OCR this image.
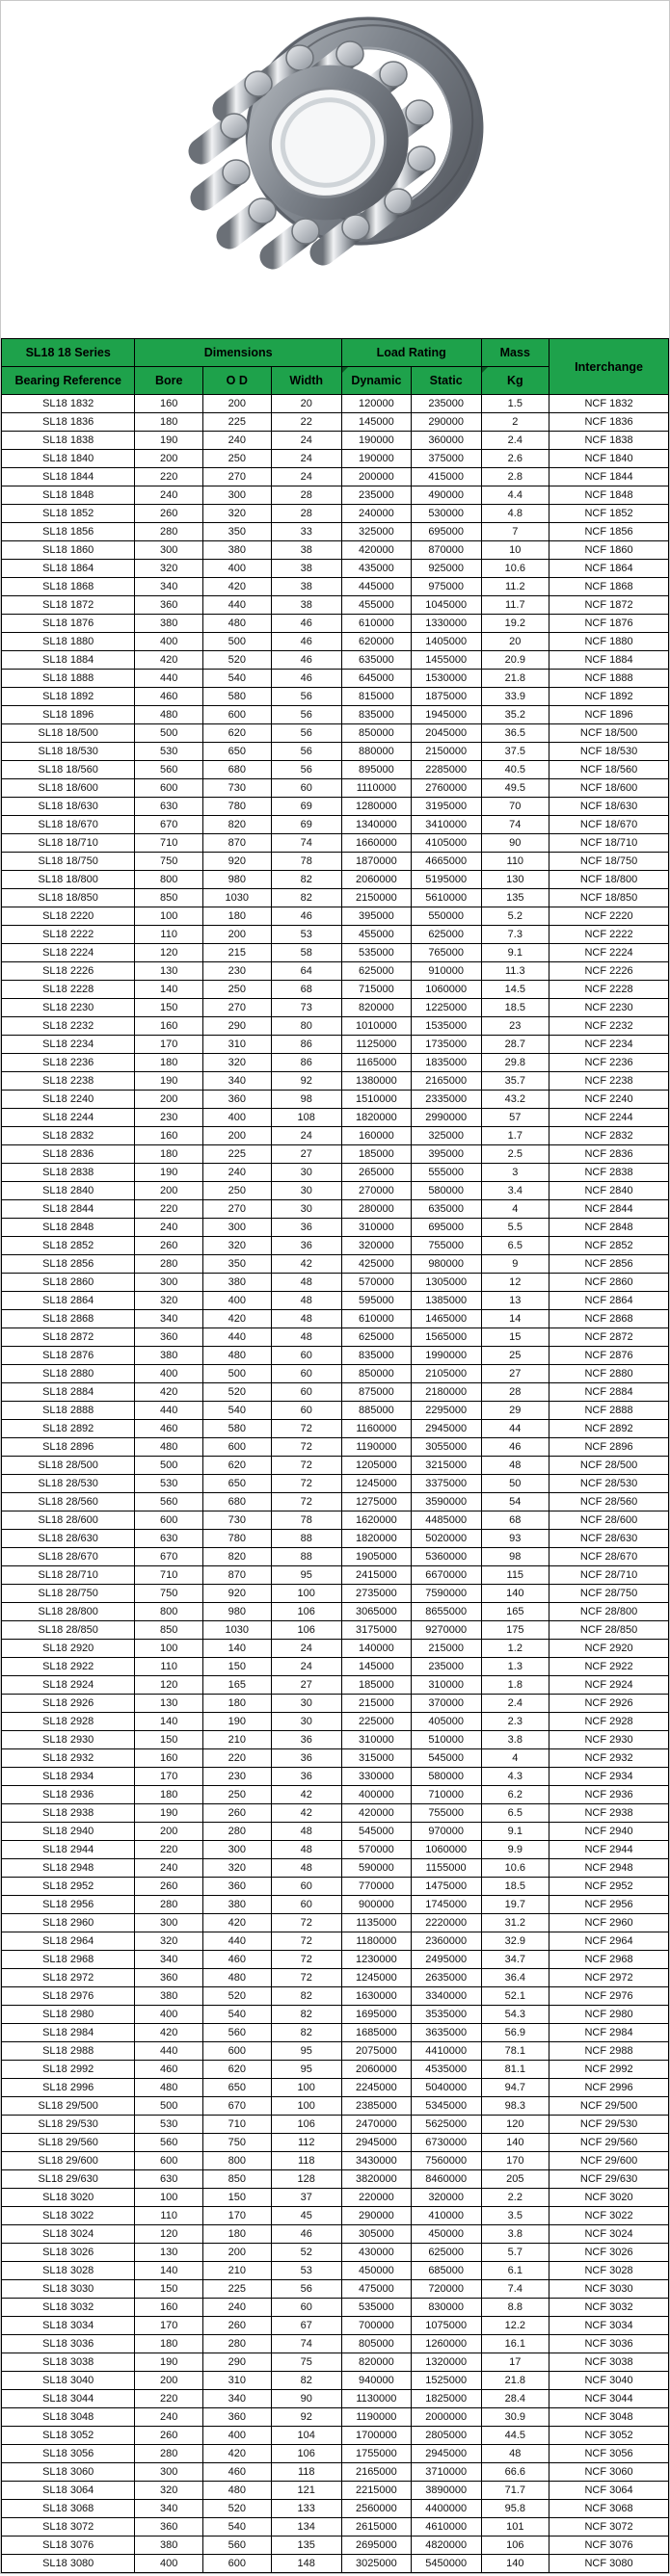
SL18 18 Series	Dimensions			Load Rating		Mass	Interchange
Bearing Reference	Bore	O D	Width	Dynamic	Static	Kg	
SL18 1832	160	200	20	120000	235000	1.5	NCF 1832
SL18 1836	180	225	22	145000	290000	2	NCF 1836
SL18 1838	190	240	24	190000	360000	2.4	NCF 1838
SL18 1840	200	250	24	190000	375000	2.6	NCF 1840
SL18 1844	220	270	24	200000	415000	2.8	NCF 1844
SL18 1848	240	300	28	235000	490000	4.4	NCF 1848
SL18 1852	260	320	28	240000	530000	4.8	NCF 1852
SL18 1856	280	350	33	325000	695000	7	NCF 1856
SL18 1860	300	380	38	420000	870000	10	NCF 1860
SL18 1864	320	400	38	435000	925000	10.6	NCF 1864
SL18 1868	340	420	38	445000	975000	11.2	NCF 1868
SL18 1872	360	440	38	455000	1045000	11.7	NCF 1872
SL18 1876	380	480	46	610000	1330000	19.2	NCF 1876
SL18 1880	400	500	46	620000	1405000	20	NCF 1880
SL18 1884	420	520	46	635000	1455000	20.9	NCF 1884
SL18 1888	440	540	46	645000	1530000	21.8	NCF 1888
SL18 1892	460	580	56	815000	1875000	33.9	NCF 1892
SL18 1896	480	600	56	835000	1945000	35.2	NCF 1896
SL18 18/500	500	620	56	850000	2045000	36.5	NCF 18/500
SL18 18/530	530	650	56	880000	2150000	37.5	NCF 18/530
SL18 18/560	560	680	56	895000	2285000	40.5	NCF 18/560
SL18 18/600	600	730	60	1110000	2760000	49.5	NCF 18/600
SL18 18/630	630	780	69	1280000	3195000	70	NCF 18/630
SL18 18/670	670	820	69	1340000	3410000	74	NCF 18/670
SL18 18/710	710	870	74	1660000	4105000	90	NCF 18/710
SL18 18/750	750	920	78	1870000	4665000	110	NCF 18/750
SL18 18/800	800	980	82	2060000	5195000	130	NCF 18/800
SL18 18/850	850	1030	82	2150000	5610000	135	NCF 18/850
SL18 2220	100	180	46	395000	550000	5.2	NCF 2220
SL18 2222	110	200	53	455000	625000	7.3	NCF 2222
SL18 2224	120	215	58	535000	765000	9.1	NCF 2224
SL18 2226	130	230	64	625000	910000	11.3	NCF 2226
SL18 2228	140	250	68	715000	1060000	14.5	NCF 2228
SL18 2230	150	270	73	820000	1225000	18.5	NCF 2230
SL18 2232	160	290	80	1010000	1535000	23	NCF 2232
SL18 2234	170	310	86	1125000	1735000	28.7	NCF 2234
SL18 2236	180	320	86	1165000	1835000	29.8	NCF 2236
SL18 2238	190	340	92	1380000	2165000	35.7	NCF 2238
SL18 2240	200	360	98	1510000	2335000	43.2	NCF 2240
SL18 2244	230	400	108	1820000	2990000	57	NCF 2244
SL18 2832	160	200	24	160000	325000	1.7	NCF 2832
SL18 2836	180	225	27	185000	395000	2.5	NCF 2836
SL18 2838	190	240	30	265000	555000	3	NCF 2838
SL18 2840	200	250	30	270000	580000	3.4	NCF 2840
SL18 2844	220	270	30	280000	635000	4	NCF 2844
SL18 2848	240	300	36	310000	695000	5.5	NCF 2848
SL18 2852	260	320	36	320000	755000	6.5	NCF 2852
SL18 2856	280	350	42	425000	980000	9	NCF 2856
SL18 2860	300	380	48	570000	1305000	12	NCF 2860
SL18 2864	320	400	48	595000	1385000	13	NCF 2864
SL18 2868	340	420	48	610000	1465000	14	NCF 2868
SL18 2872	360	440	48	625000	1565000	15	NCF 2872
SL18 2876	380	480	60	835000	1990000	25	NCF 2876
SL18 2880	400	500	60	850000	2105000	27	NCF 2880
SL18 2884	420	520	60	875000	2180000	28	NCF 2884
SL18 2888	440	540	60	885000	2295000	29	NCF 2888
SL18 2892	460	580	72	1160000	2945000	44	NCF 2892
SL18 2896	480	600	72	1190000	3055000	46	NCF 2896
SL18 28/500	500	620	72	1205000	3215000	48	NCF 28/500
SL18 28/530	530	650	72	1245000	3375000	50	NCF 28/530
SL18 28/560	560	680	72	1275000	3590000	54	NCF 28/560
SL18 28/600	600	730	78	1620000	4485000	68	NCF 28/600
SL18 28/630	630	780	88	1820000	5020000	93	NCF 28/630
SL18 28/670	670	820	88	1905000	5360000	98	NCF 28/670
SL18 28/710	710	870	95	2415000	6670000	115	NCF 28/710
SL18 28/750	750	920	100	2735000	7590000	140	NCF 28/750
SL18 28/800	800	980	106	3065000	8655000	165	NCF 28/800
SL18 28/850	850	1030	106	3175000	9270000	175	NCF 28/850
SL18 2920	100	140	24	140000	215000	1.2	NCF 2920
SL18 2922	110	150	24	145000	235000	1.3	NCF 2922
SL18 2924	120	165	27	185000	310000	1.8	NCF 2924
SL18 2926	130	180	30	215000	370000	2.4	NCF 2926
SL18 2928	140	190	30	225000	405000	2.3	NCF 2928
SL18 2930	150	210	36	310000	510000	3.8	NCF 2930
SL18 2932	160	220	36	315000	545000	4	NCF 2932
SL18 2934	170	230	36	330000	580000	4.3	NCF 2934
SL18 2936	180	250	42	400000	710000	6.2	NCF 2936
SL18 2938	190	260	42	420000	755000	6.5	NCF 2938
SL18 2940	200	280	48	545000	970000	9.1	NCF 2940
SL18 2944	220	300	48	570000	1060000	9.9	NCF 2944
SL18 2948	240	320	48	590000	1155000	10.6	NCF 2948
SL18 2952	260	360	60	770000	1475000	18.5	NCF 2952
SL18 2956	280	380	60	900000	1745000	19.7	NCF 2956
SL18 2960	300	420	72	1135000	2220000	31.2	NCF 2960
SL18 2964	320	440	72	1180000	2360000	32.9	NCF 2964
SL18 2968	340	460	72	1230000	2495000	34.7	NCF 2968
SL18 2972	360	480	72	1245000	2635000	36.4	NCF 2972
SL18 2976	380	520	82	1630000	3340000	52.1	NCF 2976
SL18 2980	400	540	82	1695000	3535000	54.3	NCF 2980
SL18 2984	420	560	82	1685000	3635000	56.9	NCF 2984
SL18 2988	440	600	95	2075000	4410000	78.1	NCF 2988
SL18 2992	460	620	95	2060000	4535000	81.1	NCF 2992
SL18 2996	480	650	100	2245000	5040000	94.7	NCF 2996
SL18 29/500	500	670	100	2385000	5345000	98.3	NCF 29/500
SL18 29/530	530	710	106	2470000	5625000	120	NCF 29/530
SL18 29/560	560	750	112	2945000	6730000	140	NCF 29/560
SL18 29/600	600	800	118	3430000	7560000	170	NCF 29/600
SL18 29/630	630	850	128	3820000	8460000	205	NCF 29/630
SL18 3020	100	150	37	220000	320000	2.2	NCF 3020
SL18 3022	110	170	45	290000	410000	3.5	NCF 3022
SL18 3024	120	180	46	305000	450000	3.8	NCF 3024
SL18 3026	130	200	52	430000	625000	5.7	NCF 3026
SL18 3028	140	210	53	450000	685000	6.1	NCF 3028
SL18 3030	150	225	56	475000	720000	7.4	NCF 3030
SL18 3032	160	240	60	535000	830000	8.8	NCF 3032
SL18 3034	170	260	67	700000	1075000	12.2	NCF 3034
SL18 3036	180	280	74	805000	1260000	16.1	NCF 3036
SL18 3038	190	290	75	820000	1320000	17	NCF 3038
SL18 3040	200	310	82	940000	1525000	21.8	NCF 3040
SL18 3044	220	340	90	1130000	1825000	28.4	NCF 3044
SL18 3048	240	360	92	1190000	2000000	30.9	NCF 3048
SL18 3052	260	400	104	1700000	2805000	44.5	NCF 3052
SL18 3056	280	420	106	1755000	2945000	48	NCF 3056
SL18 3060	300	460	118	2165000	3710000	66.6	NCF 3060
SL18 3064	320	480	121	2215000	3890000	71.7	NCF 3064
SL18 3068	340	520	133	2560000	4400000	95.8	NCF 3068
SL18 3072	360	540	134	2615000	4610000	101	NCF 3072
SL18 3076	380	560	135	2695000	4820000	106	NCF 3076
SL18 3080	400	600	148	3025000	5450000	140	NCF 3080
